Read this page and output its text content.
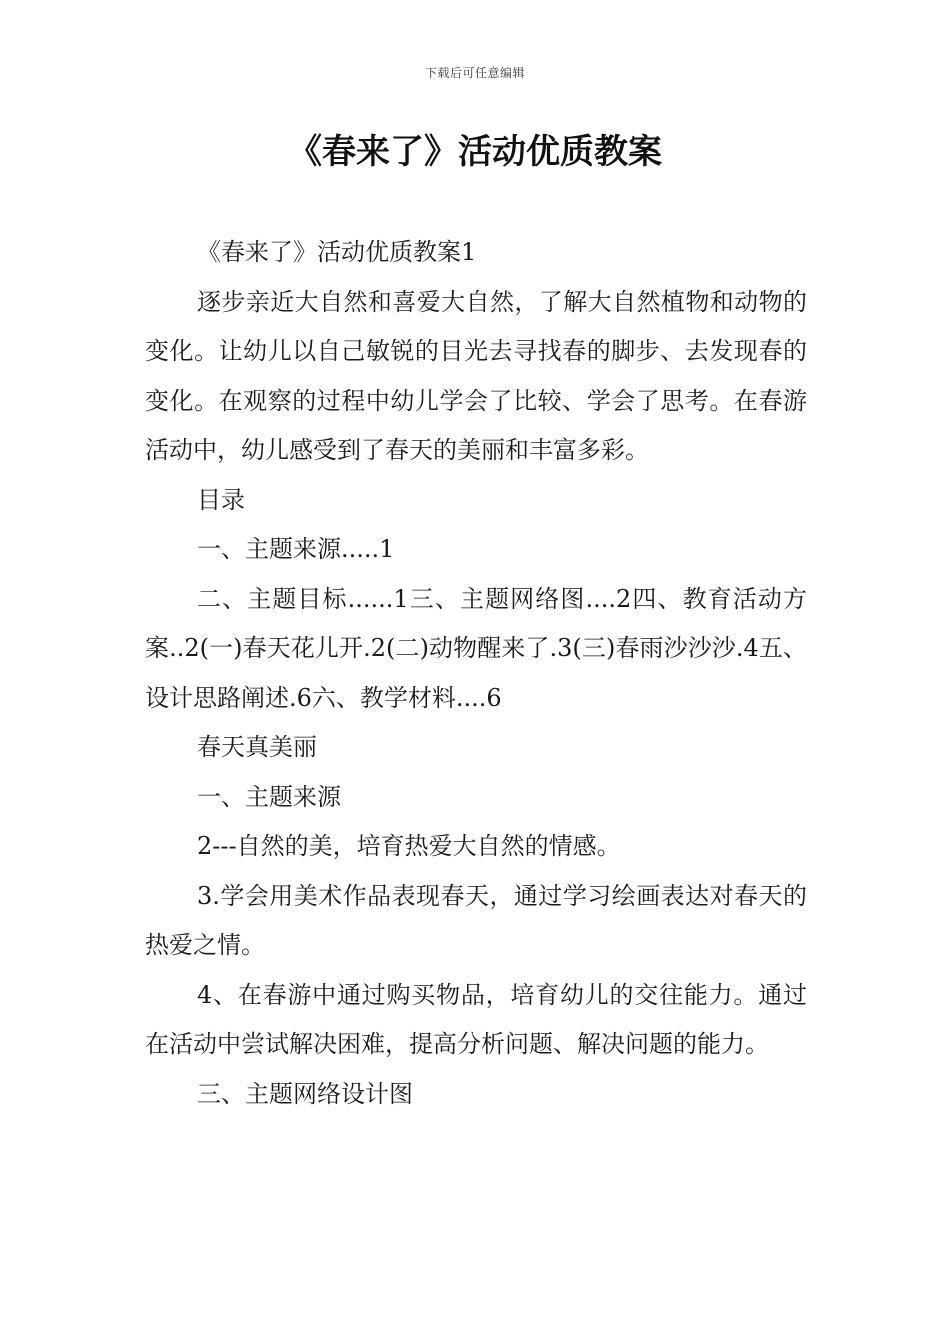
下载后可任意编辑
《春来了》活动优质教案

《春来了》活动优质教案1

逐步亲近大自然和喜爱大自然，了解大自然植物和动物的变化。让幼儿以自己敏锐的目光去寻找春的脚步、去发现春的变化。在观察的过程中幼儿学会了比较、学会了思考。在春游活动中，幼儿感受到了春天的美丽和丰富多彩。

目录

一、主题来源.....1

二、主题目标......1三、主题网络图....2四、教育活动方案..2(一)春天花儿开.2(二)动物醒来了.3(三)春雨沙沙沙.4五、设计思路阐述.6六、教学材料....6

春天真美丽

一、主题来源

2---自然的美，培育热爱大自然的情感。

3.学会用美术作品表现春天，通过学习绘画表达对春天的热爱之情。

4、在春游中通过购买物品，培育幼儿的交往能力。通过在活动中尝试解决困难，提高分析问题、解决问题的能力。

三、主题网络设计图
